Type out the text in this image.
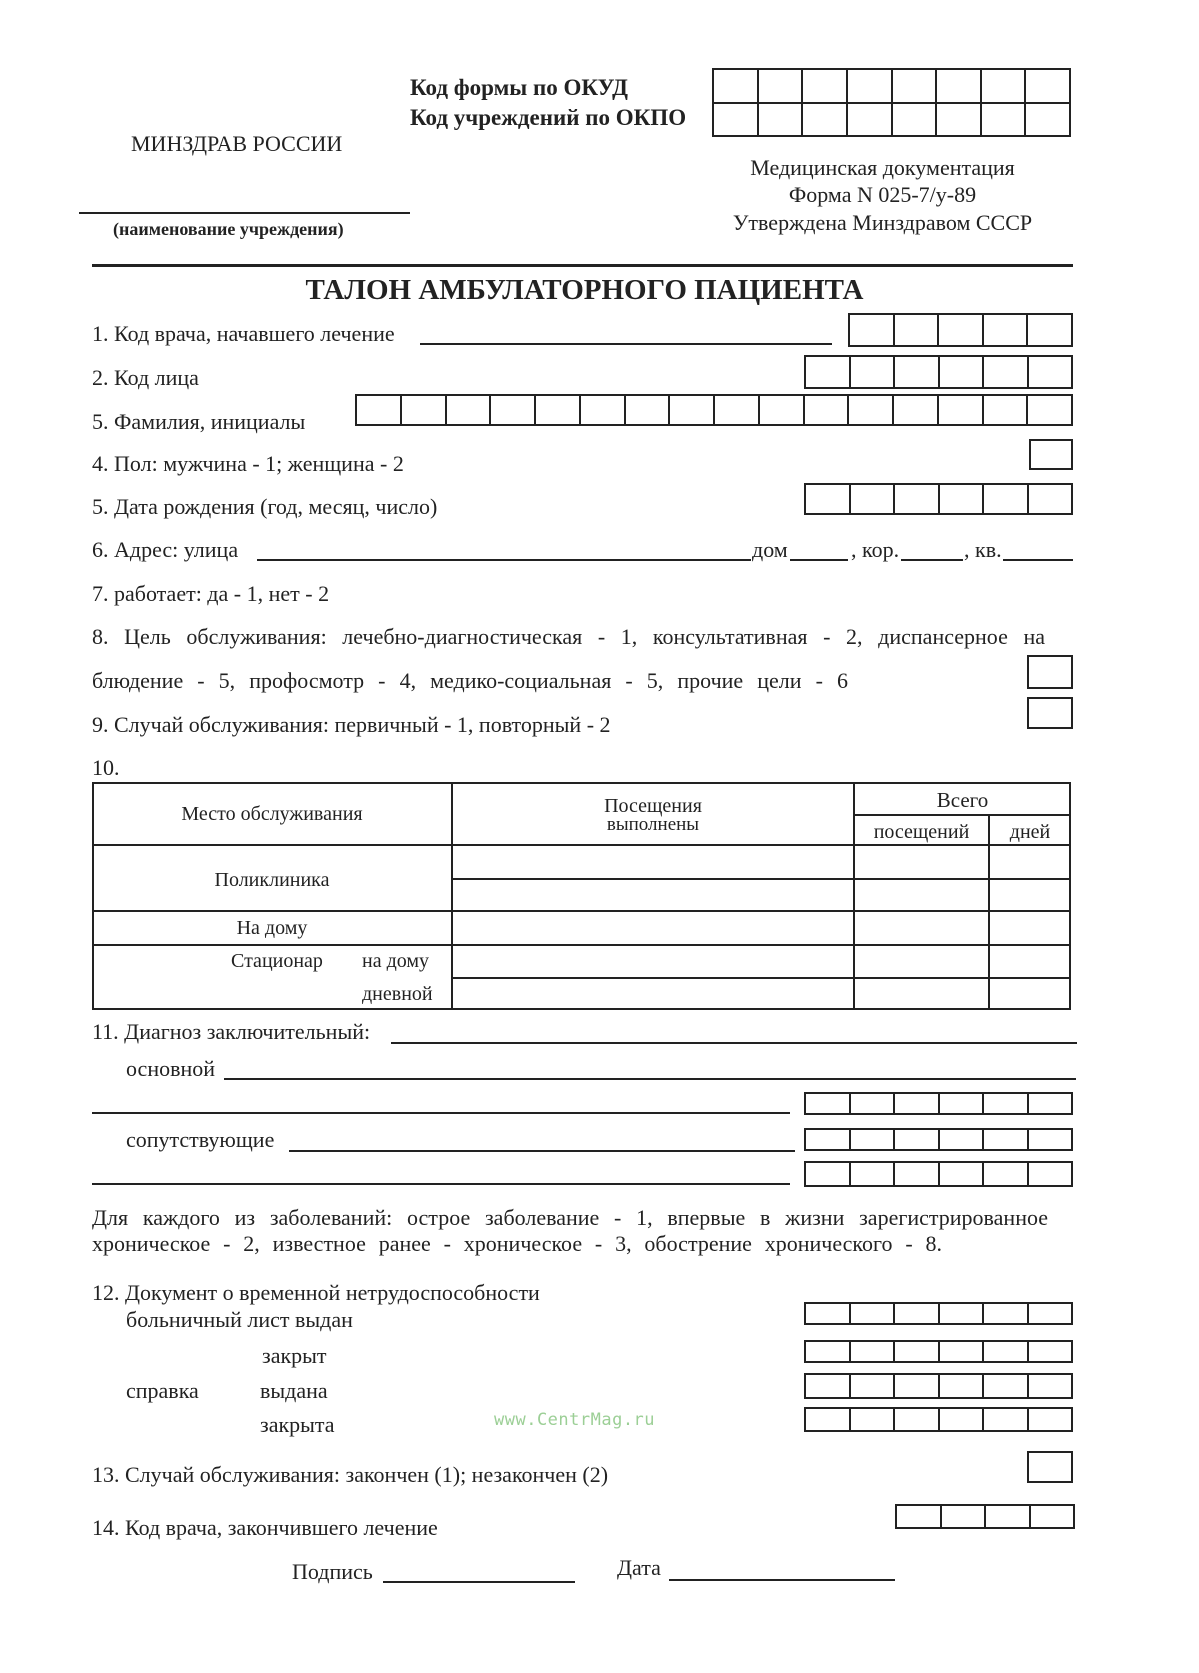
Код формы по ОКУД
Код учреждений по ОКПО
МИНЗДРАВ РОССИИ
(наименование учреждения)
Медицинская документация
Форма N 025-7/у-89
Утверждена Минздравом СССР
ТАЛОН АМБУЛАТОРНОГО ПАЦИЕНТА
1. Код врача, начавшего лечение
2. Код лица
5. Фамилия, инициалы
4. Пол: мужчина - 1; женщина - 2
5. Дата рождения (год, месяц, число)
6. Адрес: улица	дом	, кор.	, кв.
7. работает: да - 1, нет - 2
8. Цель обслуживания: лечебно-диагностическая - 1, консультативная - 2, диспансерное на
блюдение - 5, профосмотр - 4, медико-социальная - 5, прочие цели - 6
9. Случай обслуживания: первичный - 1, повторный - 2
10.
Место обслуживания	Посещения
выполнены
Всего
посещений	дней
Поликлиника
На дому
Стационар на дому
дневной
11. Диагноз заключительный:
основной
сопутствующие
Для каждого из заболеваний: острое заболевание - 1, впервые в жизни зарегистрированное
хроническое - 2, известное ранее - хроническое - 3, обострение хронического - 8.
12. Документ о временной нетрудоспособности
больничный лист выдан
закрыт
справка	выдана
закрыта	www.CentrMag.ru
13. Случай обслуживания: закончен (1); незакончен (2)
14. Код врача, закончившего лечение
Подпись	Дата
